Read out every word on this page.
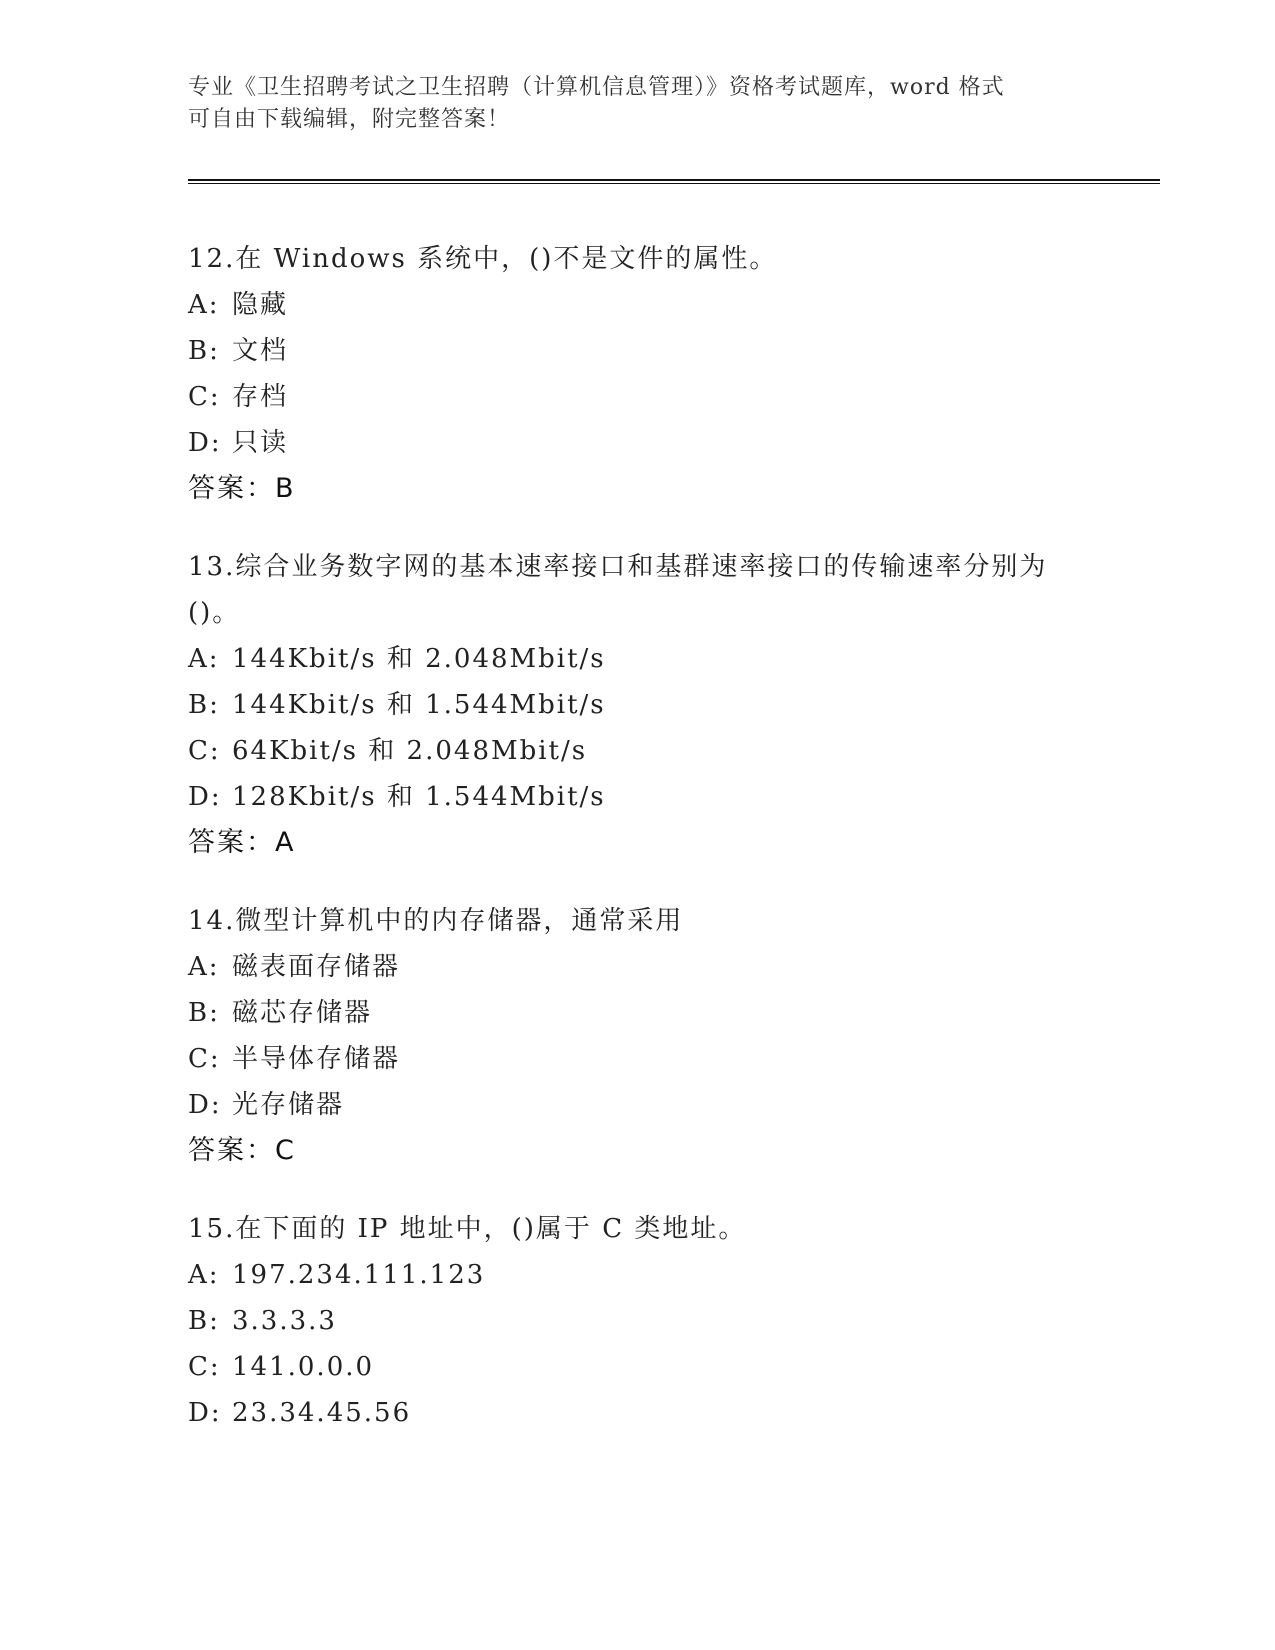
专业《卫生招聘考试之卫生招聘（计算机信息管理）》资格考试题库，word 格式
可自由下载编辑，附完整答案！
12.在 Windows 系统中，()不是文件的属性。
A: 隐藏
B: 文档
C: 存档
D: 只读
答案：B
13.综合业务数字网的基本速率接口和基群速率接口的传输速率分别为()。
A: 144Kbit/s 和 2.048Mbit/s
B: 144Kbit/s 和 1.544Mbit/s
C: 64Kbit/s 和 2.048Mbit/s
D: 128Kbit/s 和 1.544Mbit/s
答案：A
14.微型计算机中的内存储器，通常采用
A: 磁表面存储器
B: 磁芯存储器
C: 半导体存储器
D: 光存储器
答案：C
15.在下面的 IP 地址中，()属于 C 类地址。
A: 197.234.111.123
B: 3.3.3.3
C: 141.0.0.0
D: 23.34.45.56
